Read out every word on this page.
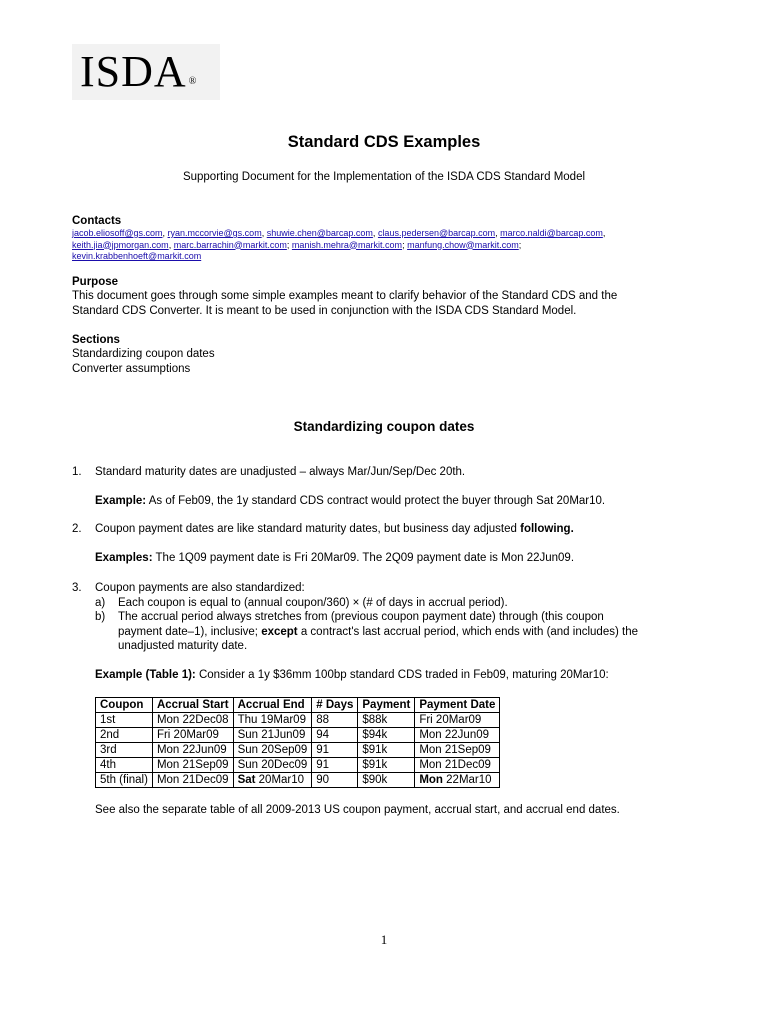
ISDA ®
Standard CDS Examples
Supporting Document for the Implementation of the ISDA CDS Standard Model
Contacts
jacob.eliosoff@gs.com, ryan.mccorvie@gs.com, shuwie.chen@barcap.com, claus.pedersen@barcap.com, marco.naldi@barcap.com,
keith.jia@jpmorgan.com, marc.barrachin@markit.com; manish.mehra@markit.com; manfung.chow@markit.com;
kevin.krabbenhoeft@markit.com
Purpose
This document goes through some simple examples meant to clarify behavior of the Standard CDS and the
Standard CDS Converter. It is meant to be used in conjunction with the ISDA CDS Standard Model.
Sections
Standardizing coupon dates
Converter assumptions
Standardizing coupon dates
1. Standard maturity dates are unadjusted – always Mar/Jun/Sep/Dec 20th.
Example: As of Feb09, the 1y standard CDS contract would protect the buyer through Sat 20Mar10.
2. Coupon payment dates are like standard maturity dates, but business day adjusted following.
Examples: The 1Q09 payment date is Fri 20Mar09. The 2Q09 payment date is Mon 22Jun09.
3. Coupon payments are also standardized:
a) Each coupon is equal to (annual coupon/360) × (# of days in accrual period).
b) The accrual period always stretches from (previous coupon payment date) through (this coupon
payment date–1), inclusive; except a contract's last accrual period, which ends with (and includes) the
unadjusted maturity date.
Example (Table 1): Consider a 1y $36mm 100bp standard CDS traded in Feb09, maturing 20Mar10:
Coupon	Accrual Start	Accrual End	# Days	Payment	Payment Date
1st	Mon 22Dec08	Thu 19Mar09	88	$88k	Fri 20Mar09
2nd	Fri 20Mar09	Sun 21Jun09	94	$94k	Mon 22Jun09
3rd	Mon 22Jun09	Sun 20Sep09	91	$91k	Mon 21Sep09
4th	Mon 21Sep09	Sun 20Dec09	91	$91k	Mon 21Dec09
5th (final)	Mon 21Dec09	Sat 20Mar10	90	$90k	Mon 22Mar10
See also the separate table of all 2009-2013 US coupon payment, accrual start, and accrual end dates.
1
